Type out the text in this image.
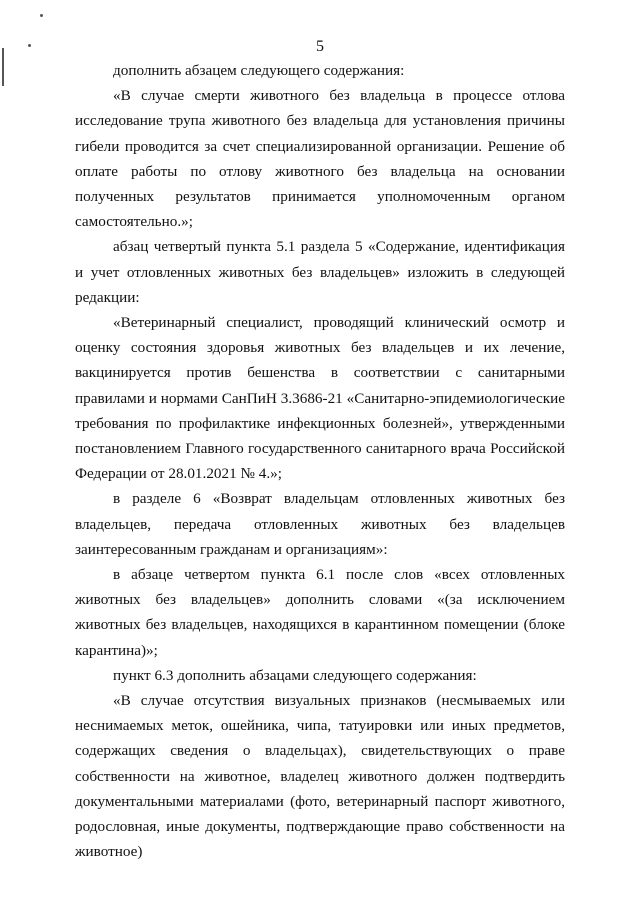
5

дополнить абзацем следующего содержания:

«В случае смерти животного без владельца в процессе отлова исследование трупа животного без владельца для установления причины гибели проводится за счет специализированной организации. Решение об оплате работы по отлову животного без владельца на основании полученных результатов принимается уполномоченным органом самостоятельно.»;

абзац четвертый пункта 5.1 раздела 5 «Содержание, идентификация и учет отловленных животных без владельцев» изложить в следующей редакции:

«Ветеринарный специалист, проводящий клинический осмотр и оценку состояния здоровья животных без владельцев и их лечение, вакцинируется против бешенства в соответствии с санитарными правилами и нормами СанПиН 3.3686-21 «Санитарно-эпидемиологические требования по профилактике инфекционных болезней», утвержденными постановлением Главного государственного санитарного врача Российской Федерации от 28.01.2021 № 4.»;

в разделе 6 «Возврат владельцам отловленных животных без владельцев, передача отловленных животных без владельцев заинтересованным гражданам и организациям»:

в абзаце четвертом пункта 6.1 после слов «всех отловленных животных без владельцев» дополнить словами «(за исключением животных без владельцев, находящихся в карантинном помещении (блоке карантина)»;

пункт 6.3 дополнить абзацами следующего содержания:

«В случае отсутствия визуальных признаков (несмываемых или неснимаемых меток, ошейника, чипа, татуировки или иных предметов, содержащих сведения о владельцах), свидетельствующих о праве собственности на животное, владелец животного должен подтвердить документальными материалами (фото, ветеринарный паспорт животного, родословная, иные документы, подтверждающие право собственности на животное)
